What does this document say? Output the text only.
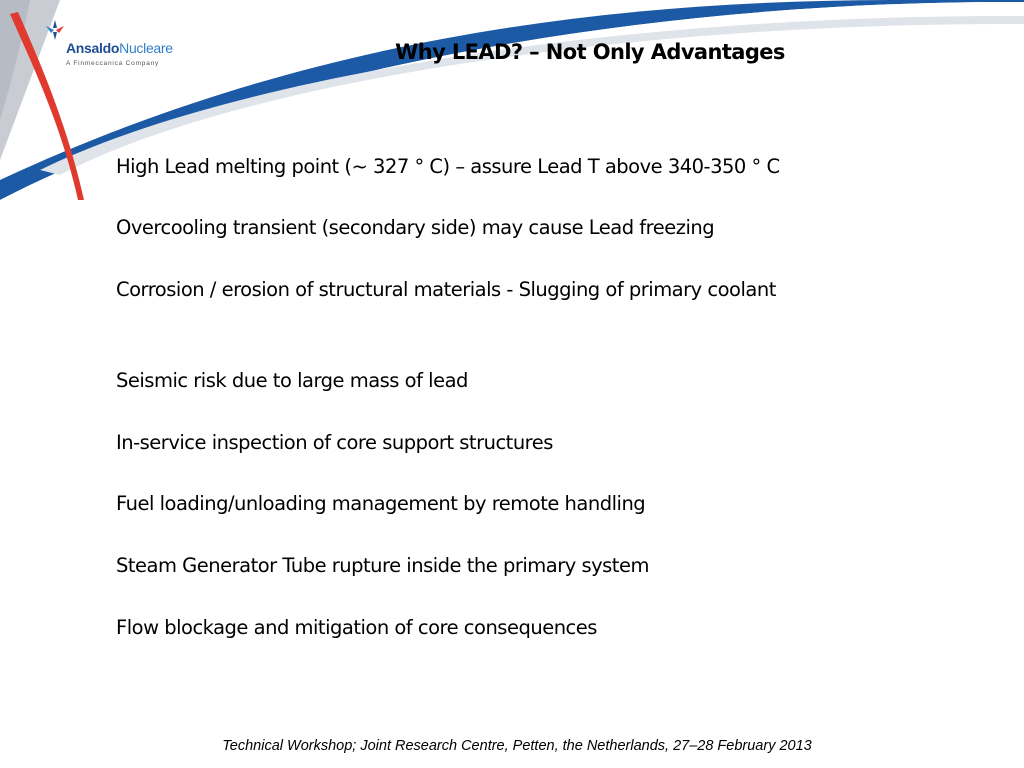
AnsaldoNucleare
A Finmeccanica Company	Why LEAD? – Not Only Advantages
High Lead melting point (~ 327 ° C) – assure Lead T above 340-350 ° C
Overcooling transient (secondary side) may cause Lead freezing
Corrosion / erosion of structural materials - Slugging of primary coolant
Seismic risk due to large mass of lead
In-service inspection of core support structures
Fuel loading/unloading management by remote handling
Steam Generator Tube rupture inside the primary system
Flow blockage and mitigation of core consequences
Technical Workshop; Joint Research Centre, Petten, the Netherlands, 27–28 February 2013
